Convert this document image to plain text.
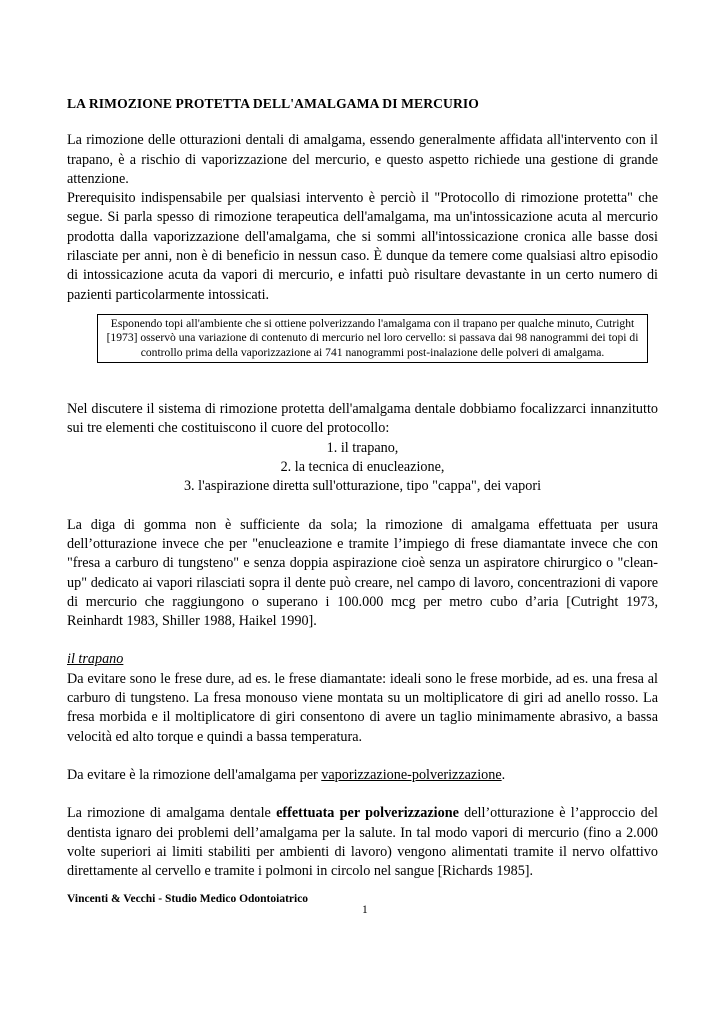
LA RIMOZIONE PROTETTA DELL'AMALGAMA DI MERCURIO

La rimozione delle otturazioni dentali di amalgama, essendo generalmente affidata all'intervento con il trapano, è a rischio di vaporizzazione del mercurio, e questo aspetto richiede una gestione di grande attenzione.

Prerequisito indispensabile per qualsiasi intervento è perciò il "Protocollo di rimozione protetta" che segue. Si parla spesso di rimozione terapeutica dell'amalgama, ma un'intossicazione acuta al mercurio prodotta dalla vaporizzazione dell'amalgama, che si sommi all'intossicazione cronica alle basse dosi rilasciate per anni, non è di beneficio in nessun caso. È dunque da temere come qualsiasi altro episodio di intossicazione acuta da vapori di mercurio, e infatti può risultare devastante in un certo numero di pazienti particolarmente intossicati.

Esponendo topi all'ambiente che si ottiene polverizzando l'amalgama con il trapano per qualche minuto, Cutright [1973] osservò una variazione di contenuto di mercurio nel loro cervello: si passava dai 98 nanogrammi dei topi di controllo prima della vaporizzazione ai 741 nanogrammi post-inalazione delle polveri di amalgama.

Nel discutere il sistema di rimozione protetta dell'amalgama dentale dobbiamo focalizzarci innanzitutto sui tre elementi che costituiscono il cuore del protocollo:

1. il trapano,
2. la tecnica di enucleazione,
3. l'aspirazione diretta sull'otturazione, tipo "cappa", dei vapori

La diga di gomma non è sufficiente da sola; la rimozione di amalgama effettuata per usura dell’otturazione invece che per "enucleazione e tramite l’impiego di frese diamantate invece che con "fresa a carburo di tungsteno" e senza doppia aspirazione cioè senza un aspiratore chirurgico o "clean-up" dedicato ai vapori rilasciati sopra il dente può creare, nel campo di lavoro, concentrazioni di vapore di mercurio che raggiungono o superano i 100.000 mcg per metro cubo d’aria [Cutright 1973, Reinhardt 1983, Shiller 1988, Haikel 1990].

il trapano

Da evitare sono le frese dure, ad es. le frese diamantate: ideali sono le frese morbide, ad es. una fresa al carburo di tungsteno. La fresa monouso viene montata su un moltiplicatore di giri ad anello rosso. La fresa morbida e il moltiplicatore di giri consentono di avere un taglio minimamente abrasivo, a bassa velocità ed alto torque e quindi a bassa temperatura.

Da evitare è la rimozione dell'amalgama per vaporizzazione-polverizzazione.

La rimozione di amalgama dentale effettuata per polverizzazione dell’otturazione è l’approccio del dentista ignaro dei problemi dell’amalgama per la salute. In tal modo vapori di mercurio (fino a 2.000 volte superiori ai limiti stabiliti per ambienti di lavoro) vengono alimentati tramite il nervo olfattivo direttamente al cervello e tramite i polmoni in circolo nel sangue [Richards 1985].

Vincenti & Vecchi - Studio Medico Odontoiatrico
1
